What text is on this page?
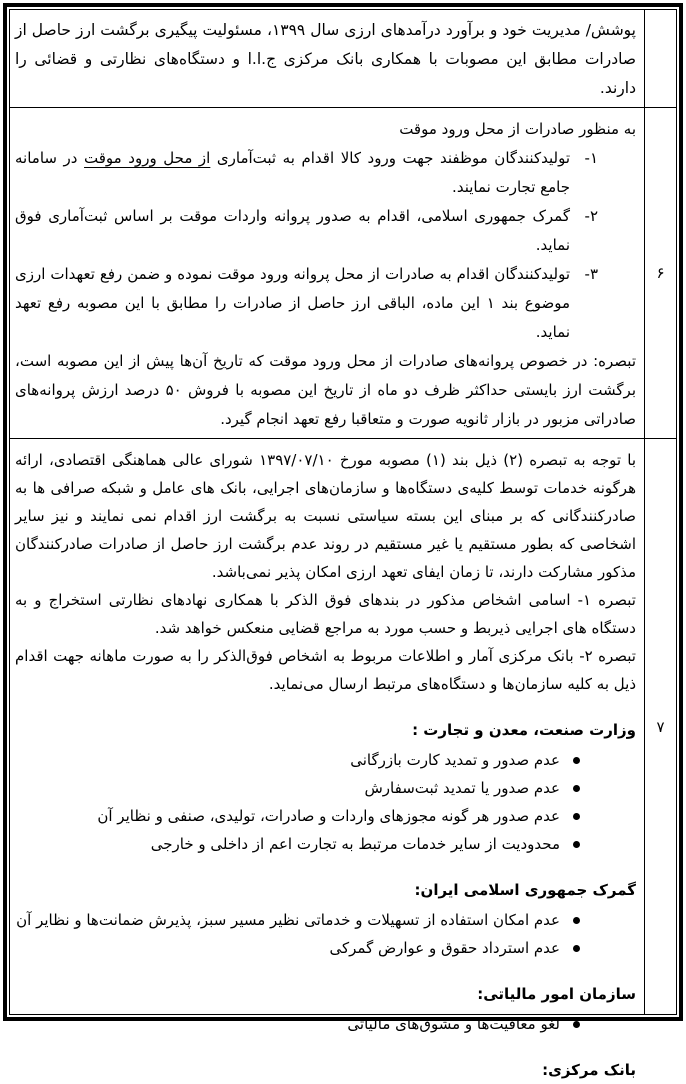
پوشش/ مدیریت خود و برآورد درآمدهای ارزی سال ۱۳۹۹، مسئولیت پیگیری برگشت ارز حاصل از صادرات مطابق این مصوبات با همکاری بانک مرکزی ج.ا.ا و دستگاه‌های نظارتی و قضائی را دارند.
۶
به منظور صادرات از محل ورود موقت
۱-
تولیدکنندگان موظفند جهت ورود کالا اقدام به ثبت‌آماری از محل ورود موقت در سامانه جامع تجارت نمایند.
۲-
گمرک جمهوری اسلامی، اقدام به صدور پروانه واردات موقت بر اساس ثبت‌آماری فوق نماید.
۳-
تولیدکنندگان اقدام به صادرات از محل پروانه ورود موقت نموده و ضمن رفع تعهدات ارزی موضوع بند ۱ این ماده، الباقی ارز حاصل از صادرات را مطابق با این مصوبه رفع تعهد نماید.
تبصره: در خصوص پروانه‌های صادرات از محل ورود موقت که تاریخ آن‌ها پیش از این مصوبه است، برگشت ارز بایستی حداکثر ظرف دو ماه از تاریخ این مصوبه با فروش ۵۰ درصد ارزش پروانه‌های صادراتی مزبور در بازار ثانویه صورت و متعاقبا رفع تعهد انجام گیرد.
۷
با توجه به تبصره (۲) ذیل بند (۱) مصوبه مورخ ۱۳۹۷/۰۷/۱۰ شورای عالی هماهنگی اقتصادی، ارائه هرگونه خدمات توسط کلیه‌ی دستگاه‌ها و سازمان‌های اجرایی، بانک های عامل و شبکه صرافی ها به صادرکنندگانی که بر مبنای این بسته سیاستی نسبت به برگشت ارز اقدام نمی نمایند و نیز سایر اشخاصی که بطور مستقیم یا غیر مستقیم در روند عدم برگشت ارز حاصل از صادرات صادرکنندگان مذکور مشارکت دارند، تا زمان ایفای تعهد ارزی امکان پذیر نمی‌باشد.
تبصره ۱- اسامی اشخاص مذکور در بندهای فوق الذکر با همکاری نهادهای نظارتی استخراج و به دستگاه های اجرایی ذیربط و حسب مورد به مراجع قضایی منعکس خواهد شد.
تبصره ۲- بانک مرکزی آمار و اطلاعات مربوط به اشخاص فوق‌الذکر را به صورت ماهانه جهت اقدام ذیل به کلیه سازمان‌ها و دستگاه‌های مرتبط ارسال می‌نماید.
وزارت صنعت، معدن و تجارت :
عدم صدور و تمدید کارت بازرگانی
عدم صدور یا تمدید ثبت‌سفارش
عدم صدور هر گونه مجوزهای واردات و صادرات، تولیدی، صنفی و نظایر آن
محدودیت از سایر خدمات مرتبط به تجارت اعم از داخلی و خارجی
گمرک جمهوری اسلامی ایران:
عدم امکان استفاده از تسهیلات و خدماتی نظیر مسیر سبز، پذیرش ضمانت‌ها و نظایر آن
عدم استرداد حقوق و عوارض گمرکی
سازمان امور مالیاتی:
لغو معافیت‌ها و مشوق‌های مالیاتی
بانک مرکزی:
